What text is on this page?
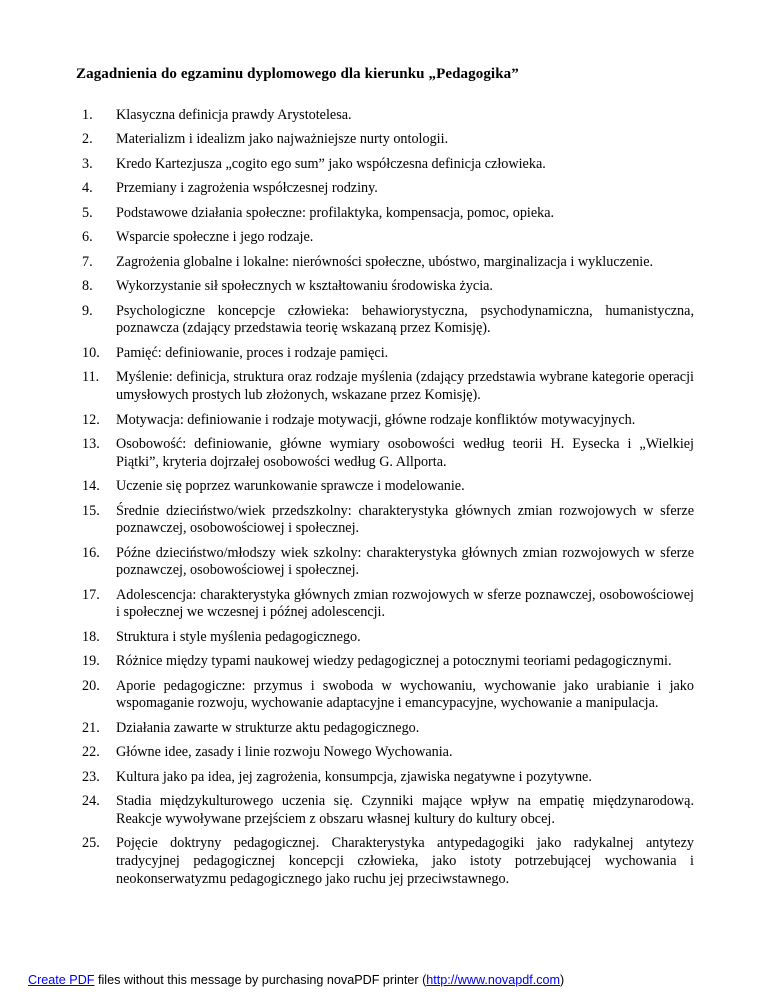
Zagadnienia do egzaminu dyplomowego dla kierunku „Pedagogika”
1. Klasyczna definicja prawdy Arystotelesa.
2. Materializm i idealizm jako najważniejsze nurty ontologii.
3. Kredo Kartezjusza „cogito ego sum” jako współczesna definicja człowieka.
4. Przemiany i zagrożenia współczesnej rodziny.
5. Podstawowe działania społeczne: profilaktyka, kompensacja, pomoc, opieka.
6. Wsparcie społeczne i jego rodzaje.
7. Zagrożenia globalne i lokalne: nierówności społeczne, ubóstwo, marginalizacja i wykluczenie.
8. Wykorzystanie sił społecznych w kształtowaniu środowiska życia.
9. Psychologiczne koncepcje człowieka: behawiorystyczna, psychodynamiczna, humanistyczna, poznawcza (zdający przedstawia teorię wskazaną przez Komisję).
10. Pamięć: definiowanie, proces i rodzaje pamięci.
11. Myślenie: definicja, struktura oraz rodzaje myślenia (zdający przedstawia wybrane kategorie operacji umysłowych prostych lub złożonych, wskazane przez Komisję).
12. Motywacja: definiowanie i rodzaje motywacji, główne rodzaje konfliktów motywacyjnych.
13. Osobowość: definiowanie, główne wymiary osobowości według teorii H. Eysecka i „Wielkiej Piątki”, kryteria dojrzałej osobowości według G. Allporta.
14. Uczenie się poprzez warunkowanie sprawcze i modelowanie.
15. Średnie dzieciństwo/wiek przedszkolny: charakterystyka głównych zmian rozwojowych w sferze poznawczej, osobowościowej i społecznej.
16. Późne dzieciństwo/młodszy wiek szkolny: charakterystyka głównych zmian rozwojowych w sferze poznawczej, osobowościowej i społecznej.
17. Adolescencja: charakterystyka głównych zmian rozwojowych w sferze poznawczej, osobowościowej i społecznej we wczesnej i późnej adolescencji.
18. Struktura i style myślenia pedagogicznego.
19. Różnice między typami naukowej wiedzy pedagogicznej a potocznymi teoriami pedagogicznymi.
20. Aporie pedagogiczne: przymus i swoboda w wychowaniu, wychowanie jako urabianie i jako wspomaganie rozwoju, wychowanie adaptacyjne i emancypacyjne, wychowanie a manipulacja.
21. Działania zawarte w strukturze aktu pedagogicznego.
22. Główne idee, zasady i linie rozwoju Nowego Wychowania.
23. Kultura jako pa idea, jej zagrożenia, konsumpcja, zjawiska negatywne i pozytywne.
24. Stadia międzykulturowego uczenia się. Czynniki mające wpływ na empatię międzynarodową. Reakcje wywoływane przejściem z obszaru własnej kultury do kultury obcej.
25. Pojęcie doktryny pedagogicznej. Charakterystyka antypedagogiki jako radykalnej antytezy tradycyjnej pedagogicznej koncepcji człowieka, jako istoty potrzebującej wychowania i neokonserwatyzmu pedagogicznego jako ruchu jej przeciwstawnego.
Create PDF files without this message by purchasing novaPDF printer (http://www.novapdf.com)
